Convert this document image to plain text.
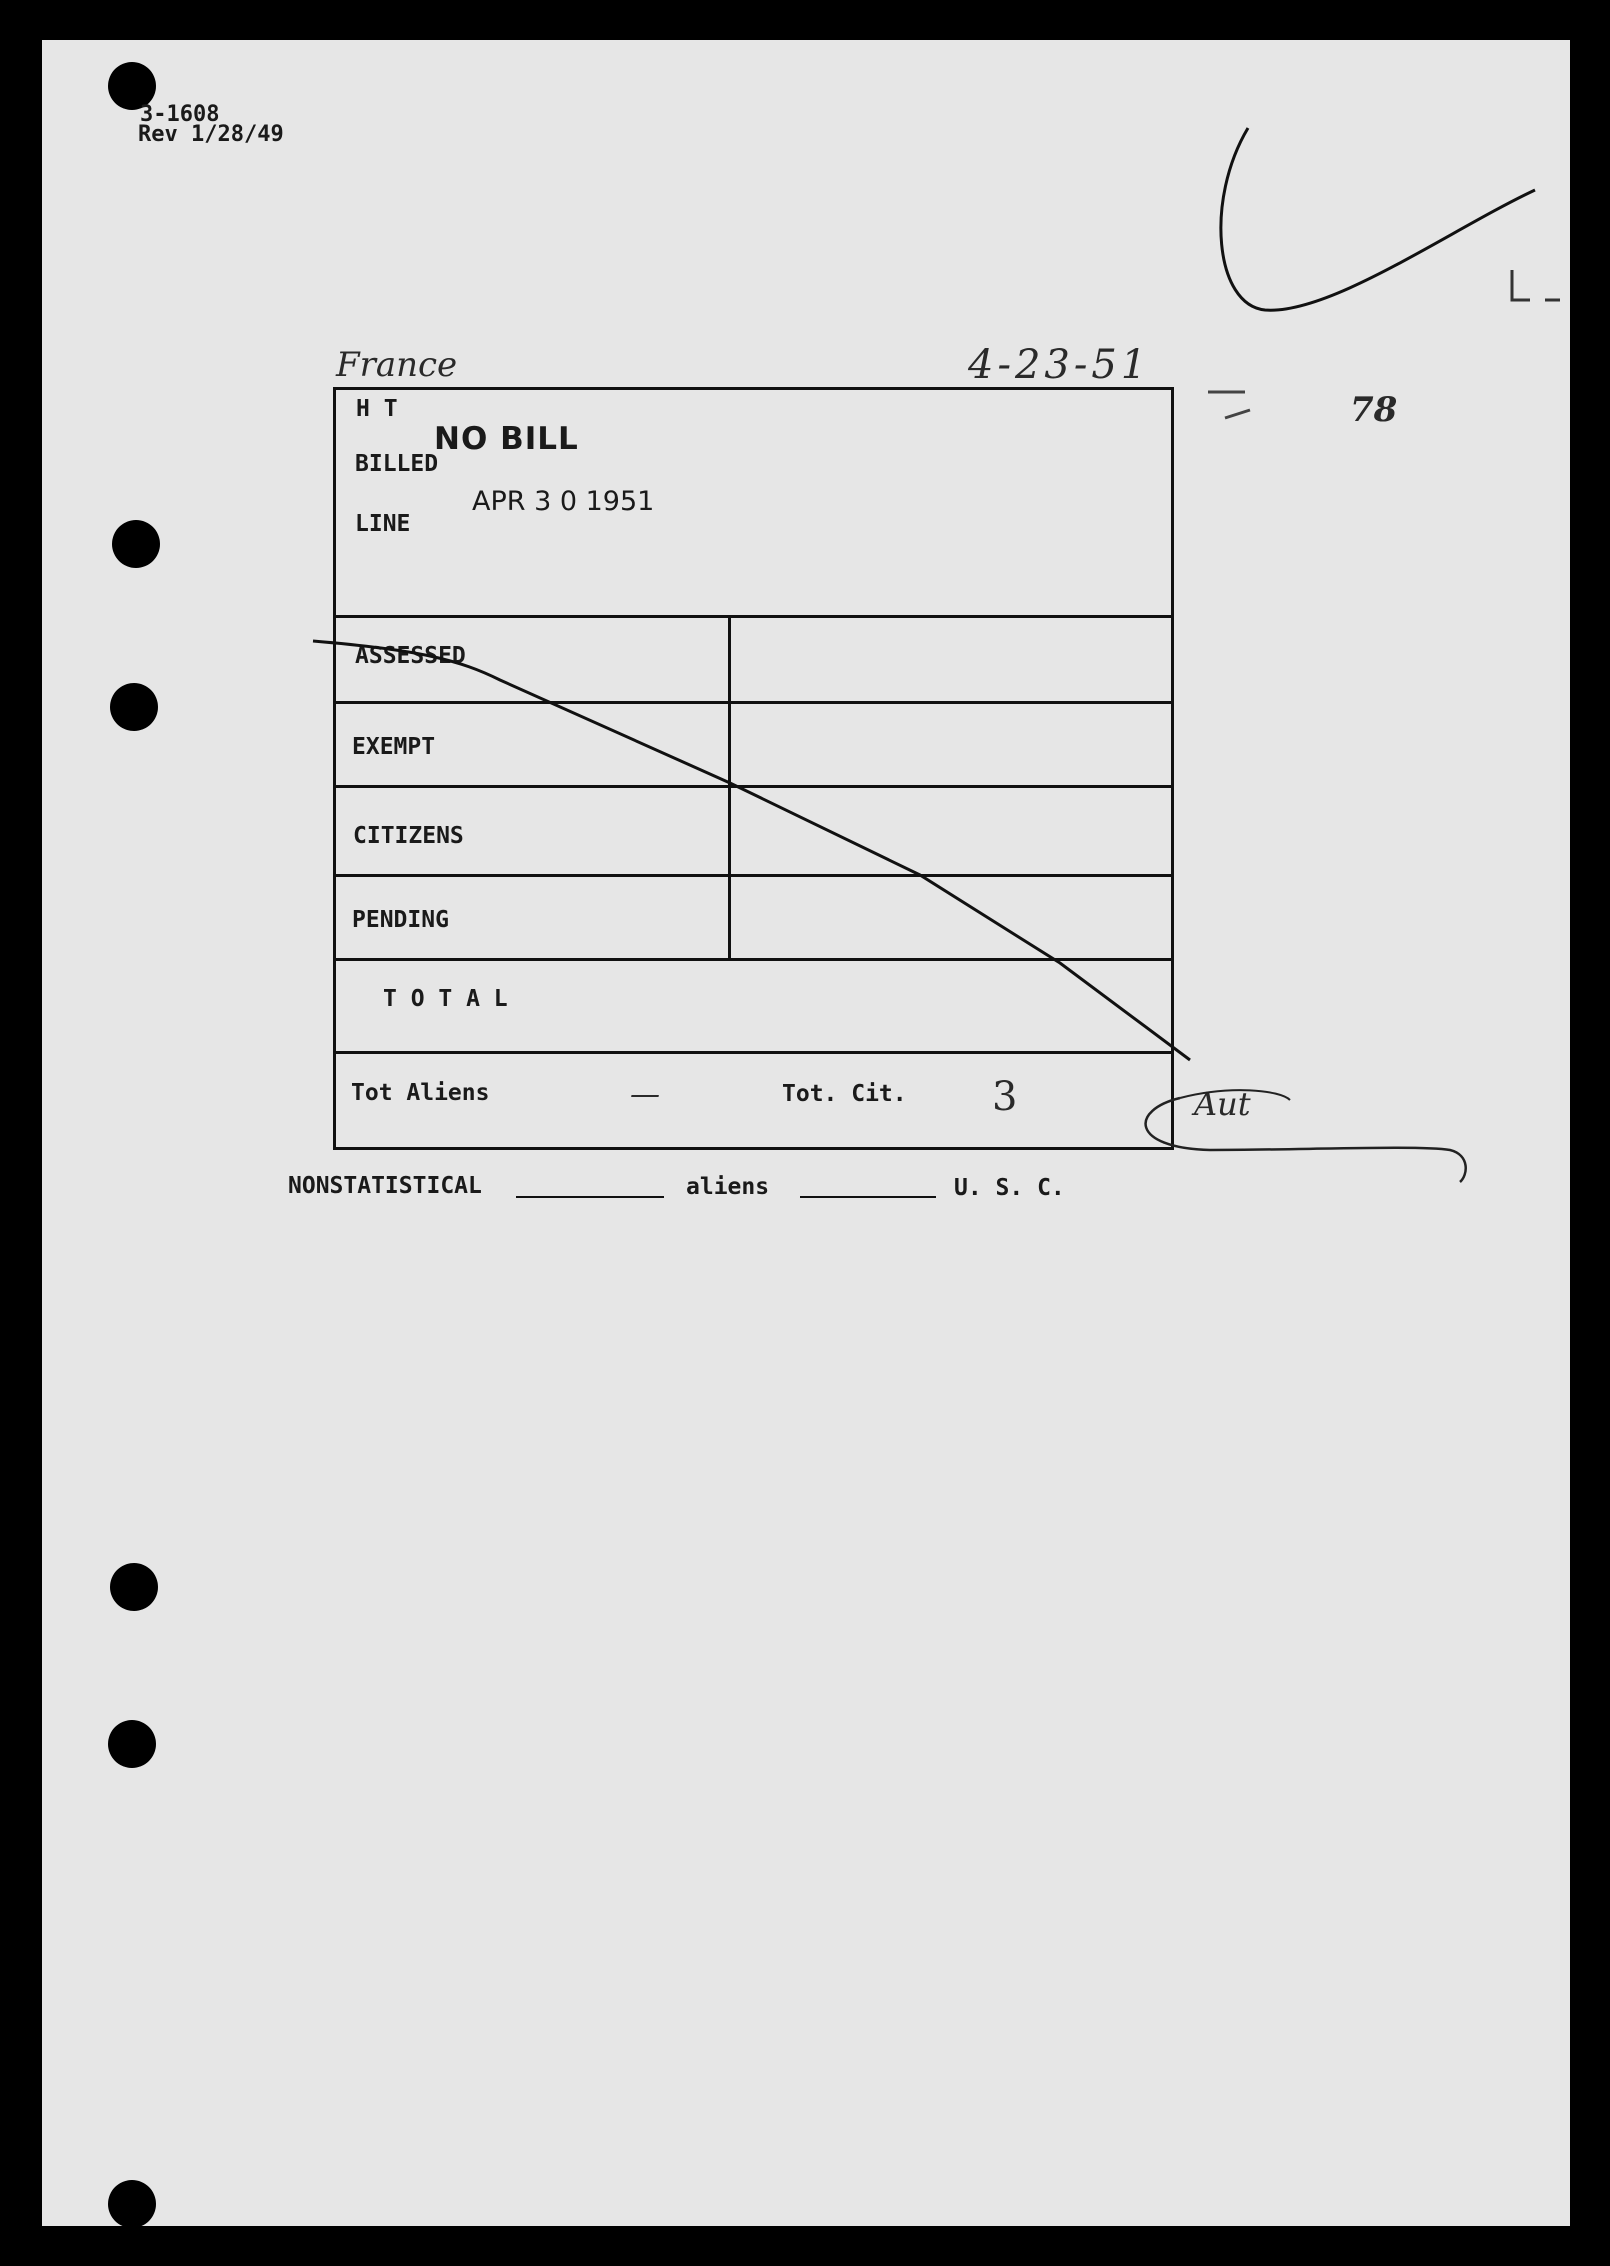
3-1608
Rev 1/28/49
France	4-23-51
78
H T
BILLED
LINE
NO BILL
APR 3 0 1951
ASSESSED
EXEMPT
CITIZENS
PENDING
T O T A L
Tot Aliens	—	Tot. Cit. 3	Aut
NONSTATISTICAL	aliens	U. S. C.
